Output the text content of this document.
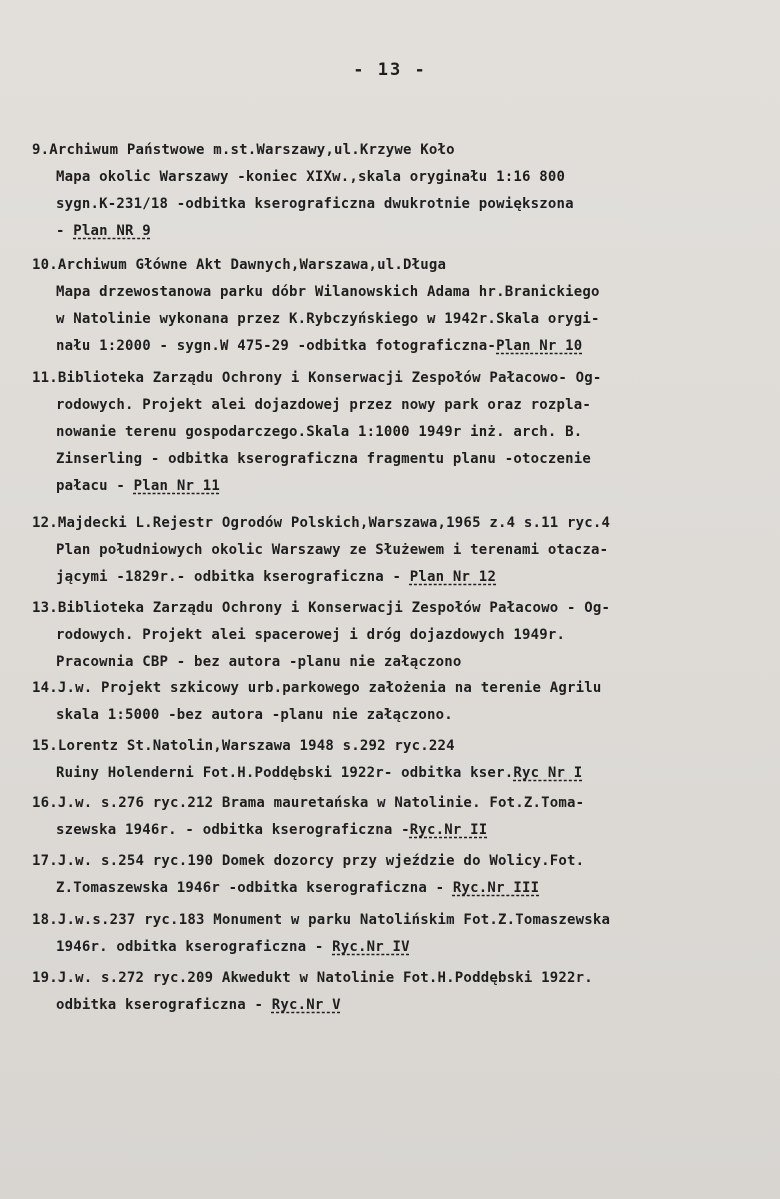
- 13 -
9.Archiwum Państwowe m.st.Warszawy,ul.Krzywe Koło
Mapa okolic Warszawy -koniec XIXw.,skala oryginału 1:16 800
sygn.K-231/18 -odbitka kserograficzna dwukrotnie powiększona
- Plan NR 9
10.Archiwum Główne Akt Dawnych,Warszawa,ul.Długa
Mapa drzewostanowa parku dóbr Wilanowskich Adama hr.Branickiego
w Natolinie wykonana przez K.Rybczyńskiego w 1942r.Skala orygi-
nału 1:2000 - sygn.W 475-29 -odbitka fotograficzna-Plan Nr 10
11.Biblioteka Zarządu Ochrony i Konserwacji Zespołów Pałacowo- Og-
rodowych. Projekt alei dojazdowej przez nowy park oraz rozpla-
nowanie terenu gospodarczego.Skala 1:1000 1949r inż. arch. B.
Zinserling - odbitka kserograficzna fragmentu planu -otoczenie
pałacu - Plan Nr 11
12.Majdecki L.Rejestr Ogrodów Polskich,Warszawa,1965 z.4 s.11 ryc.4
Plan południowych okolic Warszawy ze Służewem i terenami otacza-
jącymi -1829r.- odbitka kserograficzna - Plan Nr 12
13.Biblioteka Zarządu Ochrony i Konserwacji Zespołów Pałacowo - Og-
rodowych. Projekt alei spacerowej i dróg dojazdowych 1949r.
Pracownia CBP - bez autora -planu nie załączono
14.J.w. Projekt szkicowy urb.parkowego założenia na terenie Agrilu
skala 1:5000 -bez autora -planu nie załączono.
15.Lorentz St.Natolin,Warszawa 1948 s.292 ryc.224
Ruiny Holenderni Fot.H.Poddębski 1922r- odbitka kser.Ryc Nr I
16.J.w. s.276 ryc.212 Brama mauretańska w Natolinie. Fot.Z.Toma-
szewska 1946r. - odbitka kserograficzna -Ryc.Nr II
17.J.w. s.254 ryc.190 Domek dozorcy przy wjeździe do Wolicy.Fot.
Z.Tomaszewska 1946r -odbitka kserograficzna - Ryc.Nr III
18.J.w.s.237 ryc.183 Monument w parku Natolińskim Fot.Z.Tomaszewska
1946r. odbitka kserograficzna - Ryc.Nr IV
19.J.w. s.272 ryc.209 Akwedukt w Natolinie Fot.H.Poddębski 1922r.
odbitka kserograficzna - Ryc.Nr V
